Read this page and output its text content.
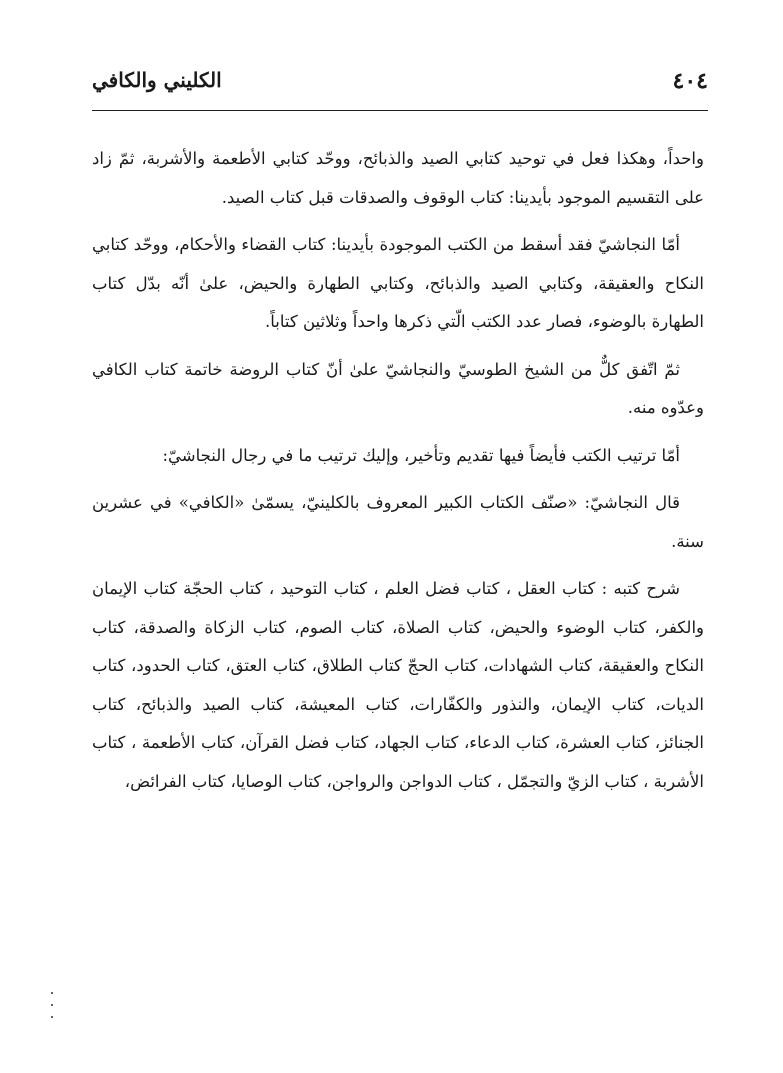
٤٠٤
الكليني والكافي

واحداً، وهكذا فعل في توحيد كتابي الصيد والذبائح، ووحّد كتابي الأطعمة والأشربة، ثمّ زاد على التقسيم الموجود بأيدينا: كتاب الوقوف والصدقات قبل كتاب الصيد.

أمّا النجاشيّ فقد أسقط من الكتب الموجودة بأيدينا: كتاب القضاء والأحكام، ووحّد كتابي النكاح والعقيقة، وكتابي الصيد والذبائح، وكتابي الطهارة والحيض، علىٰ أنّه بدّل كتاب الطهارة بالوضوء، فصار عدد الكتب الّتي ذكرها واحداً وثلاثين كتاباً.

ثمّ اتّفق كلٌّ من الشيخ الطوسيّ والنجاشيّ علىٰ أنّ كتاب الروضة خاتمة كتاب الكافي وعدّوه منه.

أمّا ترتيب الكتب فأيضاً فيها تقديم وتأخير، وإليك ترتيب ما في رجال النجاشيّ:

قال النجاشيّ: «صنّف الكتاب الكبير المعروف بالكلينيّ، يسمّىٰ «الكافي» في عشرين سنة.

شرح كتبه : كتاب العقل ، كتاب فضل العلم ، كتاب التوحيد ، كتاب الحجّة كتاب الإيمان والكفر، كتاب الوضوء والحيض، كتاب الصلاة، كتاب الصوم، كتاب الزكاة والصدقة، كتاب النكاح والعقيقة، كتاب الشهادات، كتاب الحجّ كتاب الطلاق، كتاب العتق، كتاب الحدود، كتاب الديات، كتاب الإيمان، والنذور والكفّارات، كتاب المعيشة، كتاب الصيد والذبائح، كتاب الجنائز، كتاب العشرة، كتاب الدعاء، كتاب الجهاد، كتاب فضل القرآن، كتاب الأطعمة ، كتاب الأشربة ، كتاب الزيّ والتجمّل ، كتاب الدواجن والرواجن، كتاب الوصايا، كتاب الفرائض،
